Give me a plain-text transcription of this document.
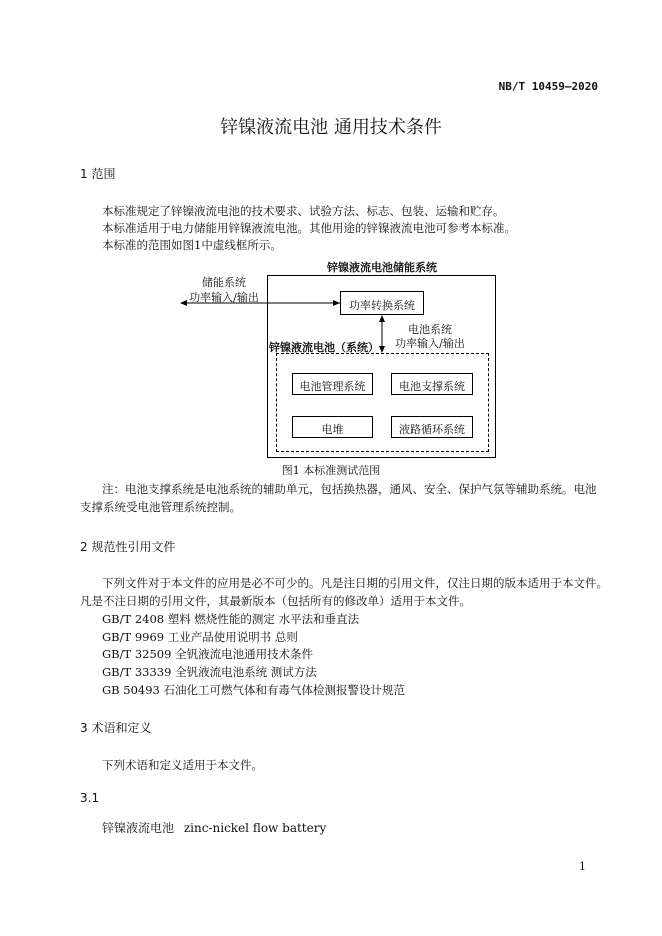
NB/T 10459—2020
锌镍液流电池 通用技术条件
1 范围
本标准规定了锌镍液流电池的技术要求、试验方法、标志、包装、运输和贮存。
本标准适用于电力储能用锌镍液流电池。其他用途的锌镍液流电池可参考本标准。
本标准的范围如图1中虚线框所示。
锌镍液流电池储能系统
储能系统
功率输入/输出
功率转换系统
电池系统
功率输入/输出
锌镍液流电池（系统）
电池管理系统	电池支撑系统
电堆	液路循环系统
图1 本标准测试范围
注：电池支撑系统是电池系统的辅助单元，包括换热器，通风、安全、保护气氛等辅助系统。电池
支撑系统受电池管理系统控制。
2 规范性引用文件
下列文件对于本文件的应用是必不可少的。凡是注日期的引用文件，仅注日期的版本适用于本文件。
凡是不注日期的引用文件，其最新版本（包括所有的修改单）适用于本文件。
GB/T 2408 塑料 燃烧性能的测定 水平法和垂直法
GB/T 9969 工业产品使用说明书 总则
GB/T 32509 全钒液流电池通用技术条件
GB/T 33339 全钒液流电池系统 测试方法
GB 50493 石油化工可燃气体和有毒气体检测报警设计规范
3 术语和定义
下列术语和定义适用于本文件。
3.1
锌镍液流电池 zinc-nickel flow battery
1
